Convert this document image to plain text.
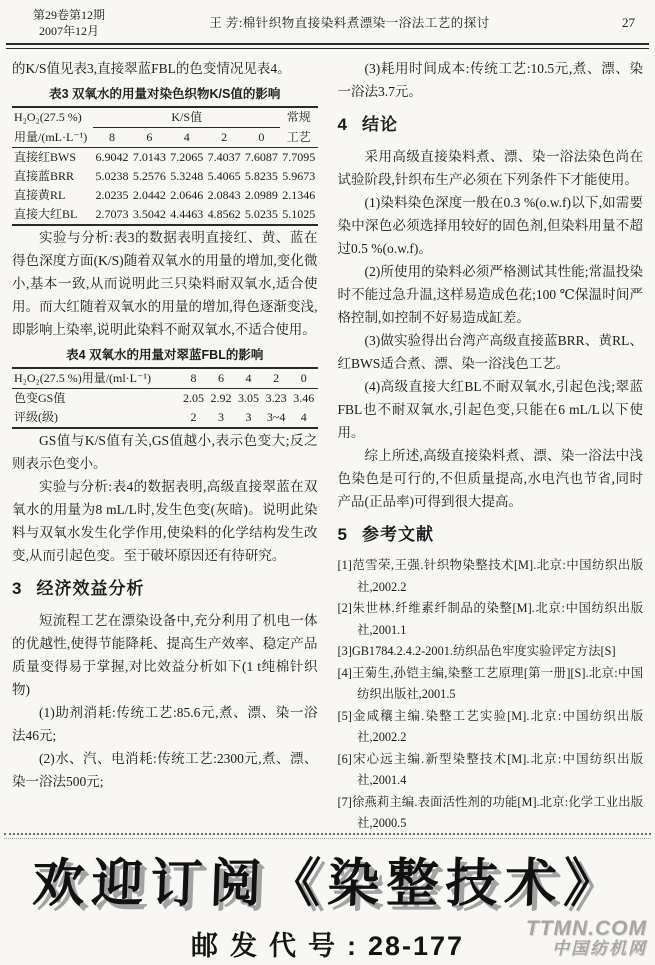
第29卷第12期
2007年12月
王 芳:棉针织物直接染料煮漂染一浴法工艺的探讨	27

的K/S值见表3,直接翠蓝FBL的色变情况见表4。

表3 双氧水的用量对染色织物K/S值的影响
H₂O₂(27.5 %)	K/S值					常规
用量/(mL·L⁻¹)	8	6	4	2	0	工艺
直接红BWS	6.9042	7.0143	7.2065	7.4037	7.6087	7.7095
直接蓝BRR	5.0238	5.2576	5.3248	5.4065	5.8235	5.9673
直接黄RL	2.0235	2.0442	2.0646	2.0843	2.0989	2.1346
直接大红BL	2.7073	3.5042	4.4463	4.8562	5.0235	5.1025

实验与分析:表3的数据表明直接红、黄、蓝在得色深度方面(K/S)随着双氧水的用量的增加,变化微小,基本一致,从而说明此三只染料耐双氧水,适合使用。而大红随着双氧水的用量的增加,得色逐渐变浅,即影响上染率,说明此染料不耐双氧水,不适合使用。

表4 双氧水的用量对翠蓝FBL的影响
H₂O₂(27.5 %)用量/(ml·L⁻¹)	8	6	4	2	0
色变GS值	2.05	2.92	3.05	3.23	3.46
评级(级)	2	3	3	3~4	4

GS值与K/S值有关,GS值越小,表示色变大;反之则表示色变小。

实验与分析:表4的数据表明,高级直接翠蓝在双氧水的用量为8 mL/L时,发生色变(灰暗)。说明此染料与双氧水发生化学作用,使染料的化学结构发生改变,从而引起色变。至于破坏原因还有待研究。

3 经济效益分析

短流程工艺在漂染设备中,充分利用了机电一体的优越性,使得节能降耗、提高生产效率、稳定产品质量变得易于掌握,对比效益分析如下(1 t纯棉针织物)

(1)助剂消耗:传统工艺:85.6元,煮、漂、染一浴法46元;

(2)水、汽、电消耗:传统工艺:2300元,煮、漂、染一浴法500元;

(3)耗用时间成本:传统工艺:10.5元,煮、漂、染一浴法3.7元。

4 结论

采用高级直接染料煮、漂、染一浴法染色尚在试验阶段,针织布生产必须在下列条件下才能使用。

(1)染料染色深度一般在0.3 %(o.w.f)以下,如需要染中深色必须选择用较好的固色剂,但染料用量不超过0.5 %(o.w.f)。

(2)所使用的染料必须严格测试其性能;常温投染时不能过急升温,这样易造成色花;100 ℃保温时间严格控制,如控制不好易造成缸差。

(3)做实验得出台湾产高级直接蓝BRR、黄RL、红BWS适合煮、漂、染一浴浅色工艺。

(4)高级直接大红BL不耐双氧水,引起色浅;翠蓝FBL也不耐双氧水,引起色变,只能在6 mL/L以下使用。

综上所述,高级直接染料煮、漂、染一浴法中浅色染色是可行的,不但质量提高,水电汽也节省,同时产品(正品率)可得到很大提高。

5 参考文献
[1]范雪荣,王强.针织物染整技术[M].北京:中国纺织出版社,2002.2
[2]朱世林.纤维素纤制品的染整[M].北京:中国纺织出版社,2001.1
[3]GB1784.2.4.2-2001.纺织品色牢度实验评定方法[S]
[4]王菊生,孙铠主编,染整工艺原理[第一册][S].北京:中国纺织出版社,2001.5
[5]金咸穰主编.染整工艺实验[M].北京:中国纺织出版社,2002.2
[6]宋心远主编.新型染整技术[M].北京:中国纺织出版社,2001.4
[7]徐燕莉主编.表面活性剂的功能[M].北京:化学工业出版社,2000.5
欢迎订阅《染整技术》
邮发代号:28-177
TTMN.COM
中国纺机网
